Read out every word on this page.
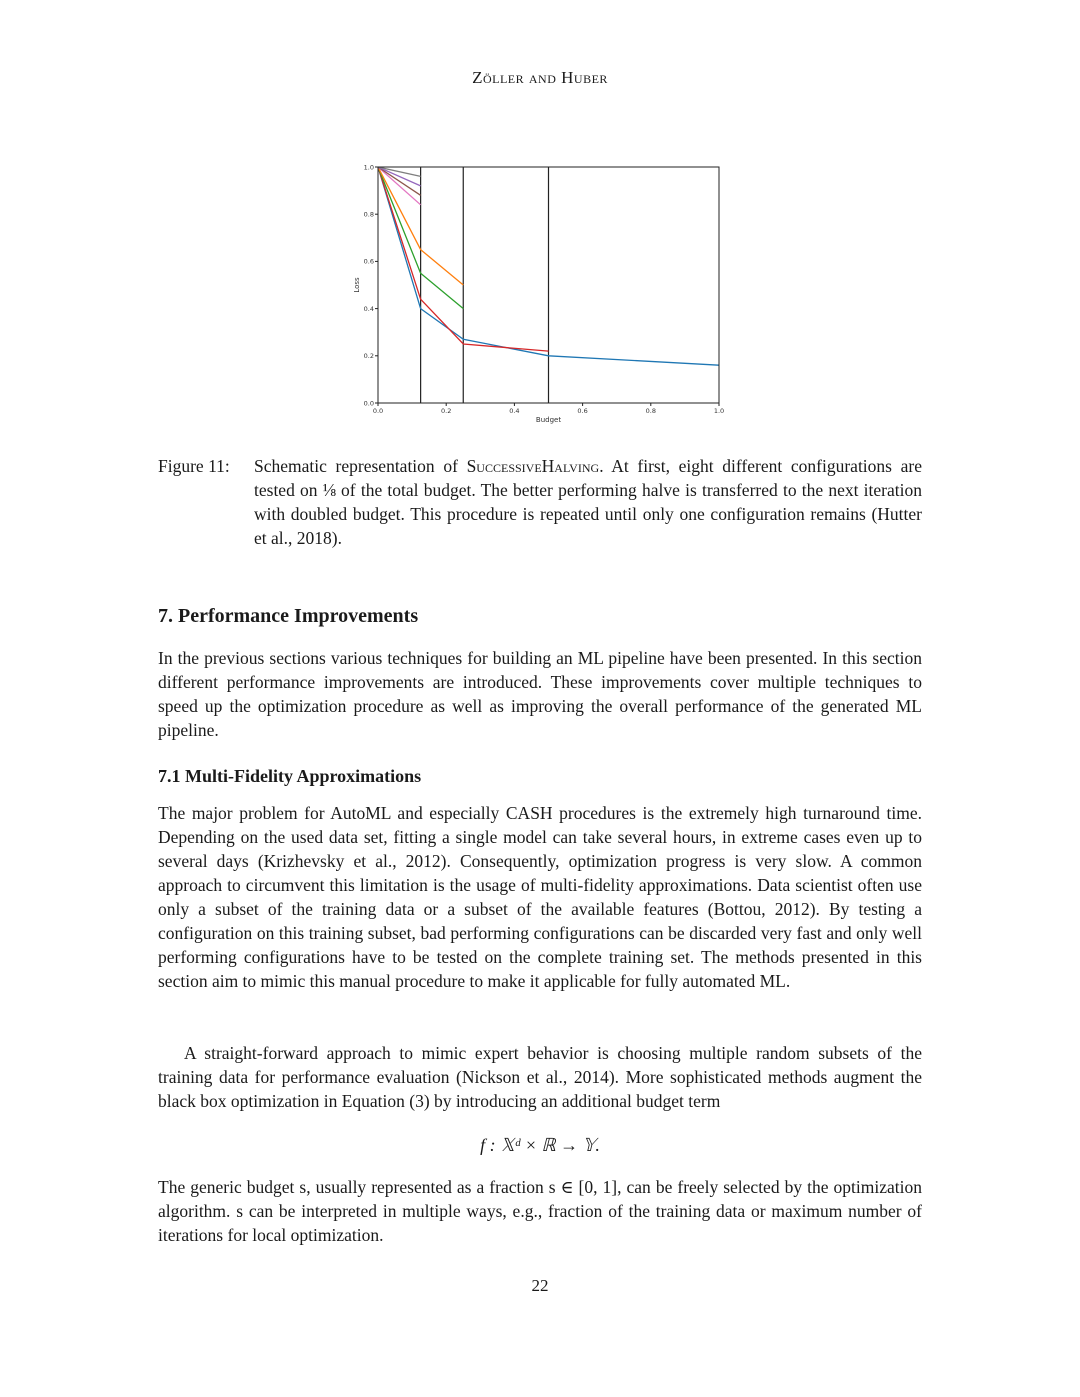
Zöller and Huber
0.0
0.0
0.2
0.2
0.4
0.4
0.6
0.6
0.8
0.8
1.0
1.0
Budget
Loss
Figure 11:	Schematic representation of SuccessiveHalving. At first, eight different configurations are tested on ⅛ of the total budget. The better performing halve is transferred to the next iteration with doubled budget. This procedure is repeated until only one configuration remains (Hutter et al., 2018).
7. Performance Improvements

In the previous sections various techniques for building an ML pipeline have been presented. In this section different performance improvements are introduced. These improvements cover multiple techniques to speed up the optimization procedure as well as improving the overall performance of the generated ML pipeline.

7.1 Multi-Fidelity Approximations

The major problem for AutoML and especially CASH procedures is the extremely high turnaround time. Depending on the used data set, fitting a single model can take several hours, in extreme cases even up to several days (Krizhevsky et al., 2012). Consequently, optimization progress is very slow. A common approach to circumvent this limitation is the usage of multi-fidelity approximations. Data scientist often use only a subset of the training data or a subset of the available features (Bottou, 2012). By testing a configuration on this training subset, bad performing configurations can be discarded very fast and only well performing configurations have to be tested on the complete training set. The methods presented in this section aim to mimic this manual procedure to make it applicable for fully automated ML.

A straight-forward approach to mimic expert behavior is choosing multiple random subsets of the training data for performance evaluation (Nickson et al., 2014). More sophisticated methods augment the black box optimization in Equation (3) by introducing an additional budget term

f : 𝕏ᵈ × ℝ → 𝕐.

The generic budget s, usually represented as a fraction s ∈ [0, 1], can be freely selected by the optimization algorithm. s can be interpreted in multiple ways, e.g., fraction of the training data or maximum number of iterations for local optimization.

22
